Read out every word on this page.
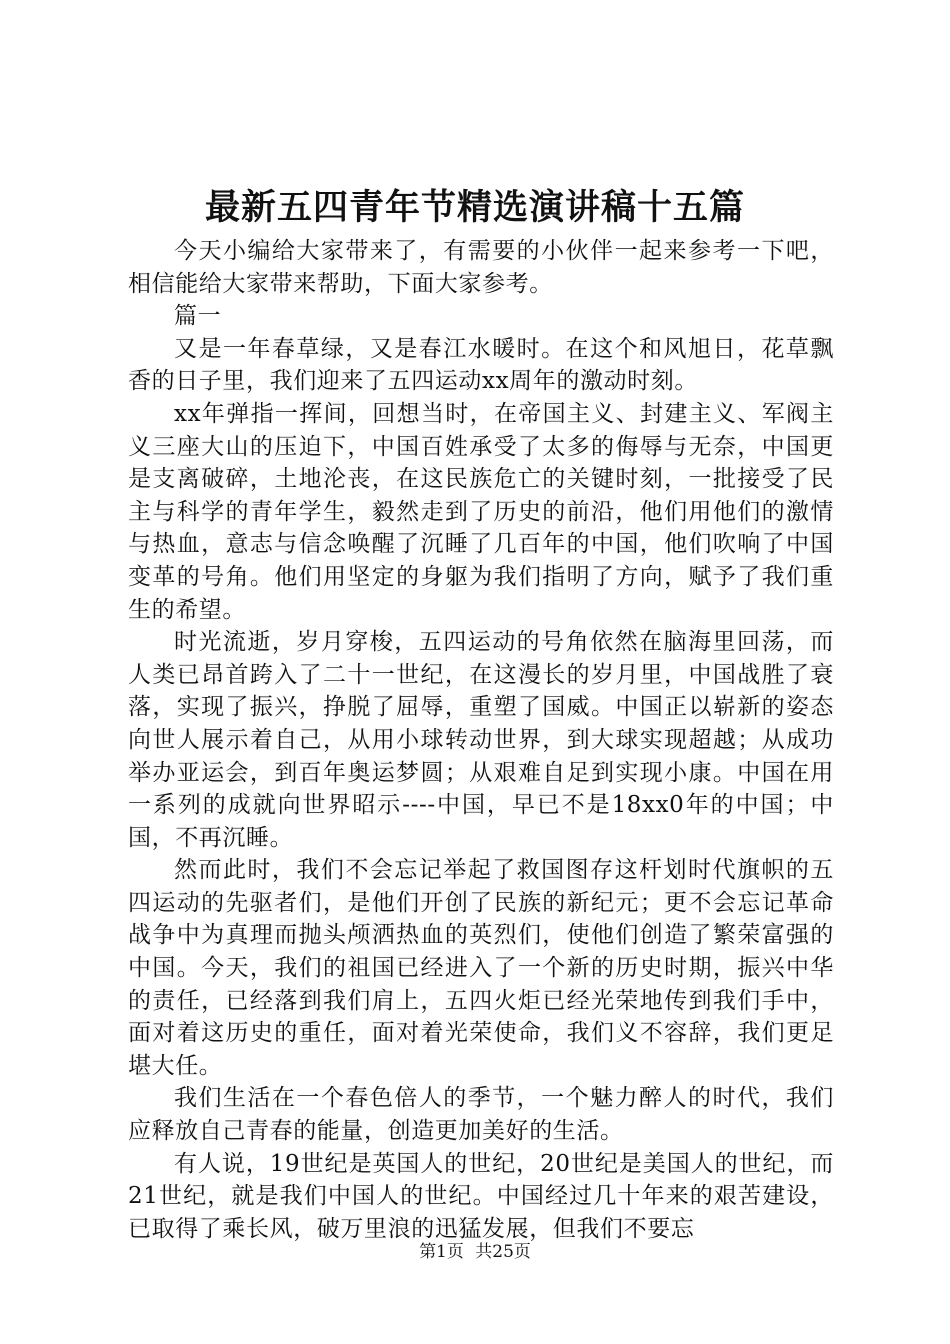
最新五四青年节精选演讲稿十五篇

今天小编给大家带来了，有需要的小伙伴一起来参考一下吧，相信能给大家带来帮助，下面大家参考。

篇一

又是一年春草绿，又是春江水暖时。在这个和风旭日，花草飘香的日子里，我们迎来了五四运动xx周年的激动时刻。

xx年弹指一挥间，回想当时，在帝国主义、封建主义、军阀主义三座大山的压迫下，中国百姓承受了太多的侮辱与无奈，中国更是支离破碎，土地沦丧，在这民族危亡的关键时刻，一批接受了民主与科学的青年学生，毅然走到了历史的前沿，他们用他们的激情与热血，意志与信念唤醒了沉睡了几百年的中国，他们吹响了中国变革的号角。他们用坚定的身躯为我们指明了方向，赋予了我们重生的希望。

时光流逝，岁月穿梭，五四运动的号角依然在脑海里回荡，而人类已昂首跨入了二十一世纪，在这漫长的岁月里，中国战胜了衰落，实现了振兴，挣脱了屈辱，重塑了国威。中国正以崭新的姿态向世人展示着自己，从用小球转动世界，到大球实现超越；从成功举办亚运会，到百年奥运梦圆；从艰难自足到实现小康。中国在用一系列的成就向世界昭示----中国，早已不是18xx0年的中国；中国，不再沉睡。

然而此时，我们不会忘记举起了救国图存这杆划时代旗帜的五四运动的先驱者们，是他们开创了民族的新纪元；更不会忘记革命战争中为真理而抛头颅洒热血的英烈们，使他们创造了繁荣富强的中国。今天，我们的祖国已经进入了一个新的历史时期，振兴中华的责任，已经落到我们肩上，五四火炬已经光荣地传到我们手中，面对着这历史的重任，面对着光荣使命，我们义不容辞，我们更足堪大任。

我们生活在一个春色倍人的季节，一个魅力醉人的时代，我们应释放自己青春的能量，创造更加美好的生活。

有人说，19世纪是英国人的世纪，20世纪是美国人的世纪，而21世纪，就是我们中国人的世纪。中国经过几十年来的艰苦建设，已取得了乘长风，破万里浪的迅猛发展，但我们不要忘

第1页 共25页
